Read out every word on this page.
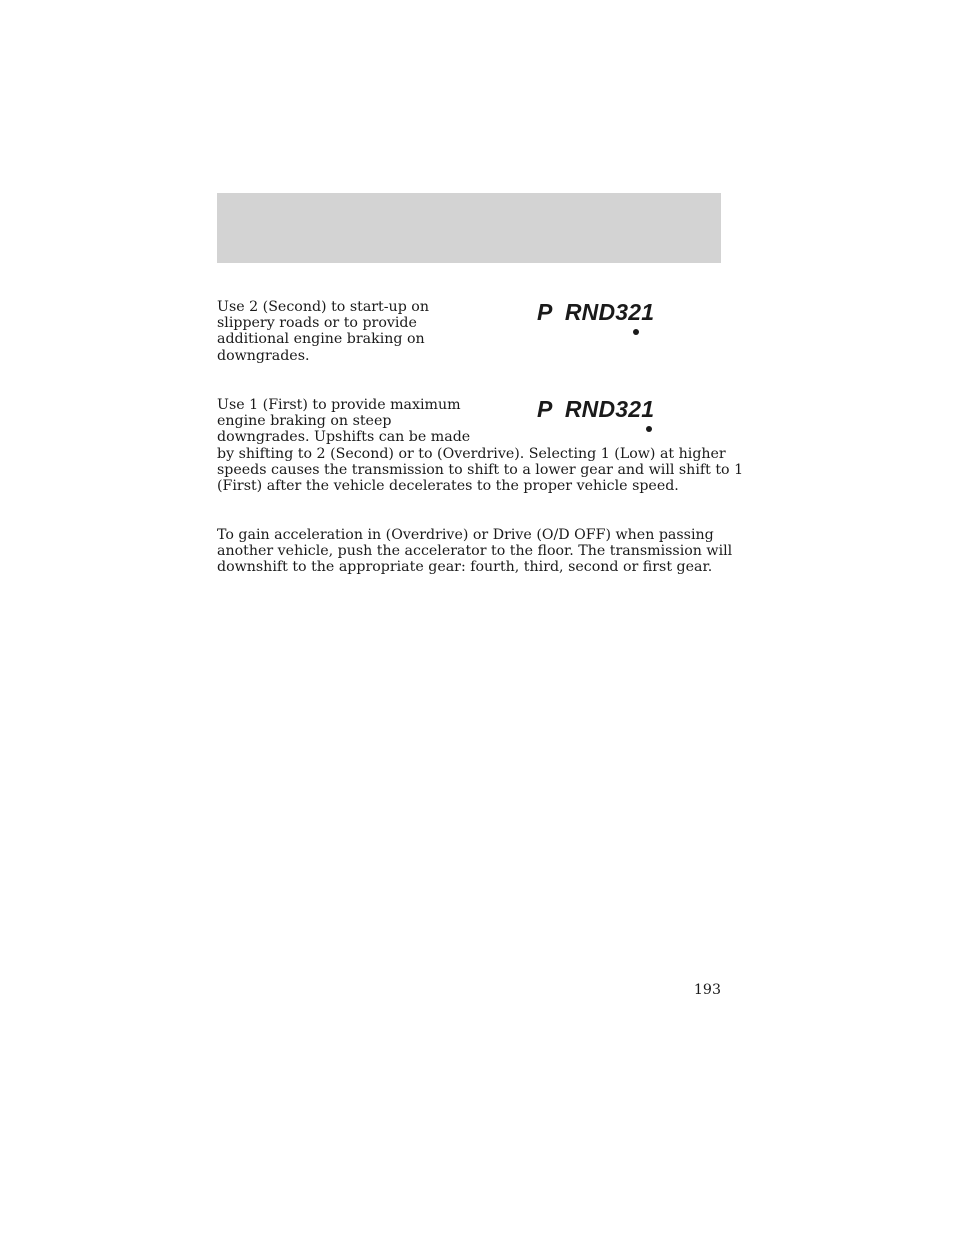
Use 2 (Second) to start-up on
slippery roads or to provide
additional engine braking on
downgrades.

P RND32
1

Use 1 (First) to provide maximum
engine braking on steep
downgrades. Upshifts can be made
by shifting to 2 (Second) or to (Overdrive). Selecting 1 (Low) at higher
speeds causes the transmission to shift to a lower gear and will shift to 1
(First) after the vehicle decelerates to the proper vehicle speed.

P RND321

To gain acceleration in (Overdrive) or Drive (O/D OFF) when passing
another vehicle, push the accelerator to the floor. The transmission will
downshift to the appropriate gear: fourth, third, second or first gear.

193
